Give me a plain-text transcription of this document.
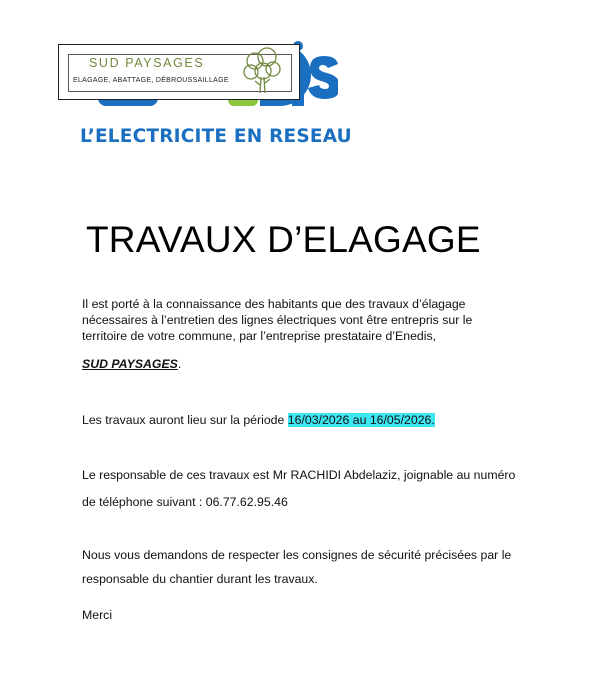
SUD PAYSAGES
ELAGAGE, ABATTAGE, DÉBROUSSAILLAGE
L’ELECTRICITE EN RESEAU
TRAVAUX D’ELAGAGE

Il est porté à la connaissance des habitants que des travaux d’élagage
nécessaires à l’entretien des lignes électriques vont être entrepris sur le
territoire de votre commune, par l’entreprise prestataire d’Enedis,

SUD PAYSAGES.

Les travaux auront lieu sur la période 16/03/2026 au 16/05/2026.

Le responsable de ces travaux est Mr RACHIDI Abdelaziz, joignable au numéro

de téléphone suivant : 06.77.62.95.46

Nous vous demandons de respecter les consignes de sécurité précisées par le

responsable du chantier durant les travaux.

Merci
